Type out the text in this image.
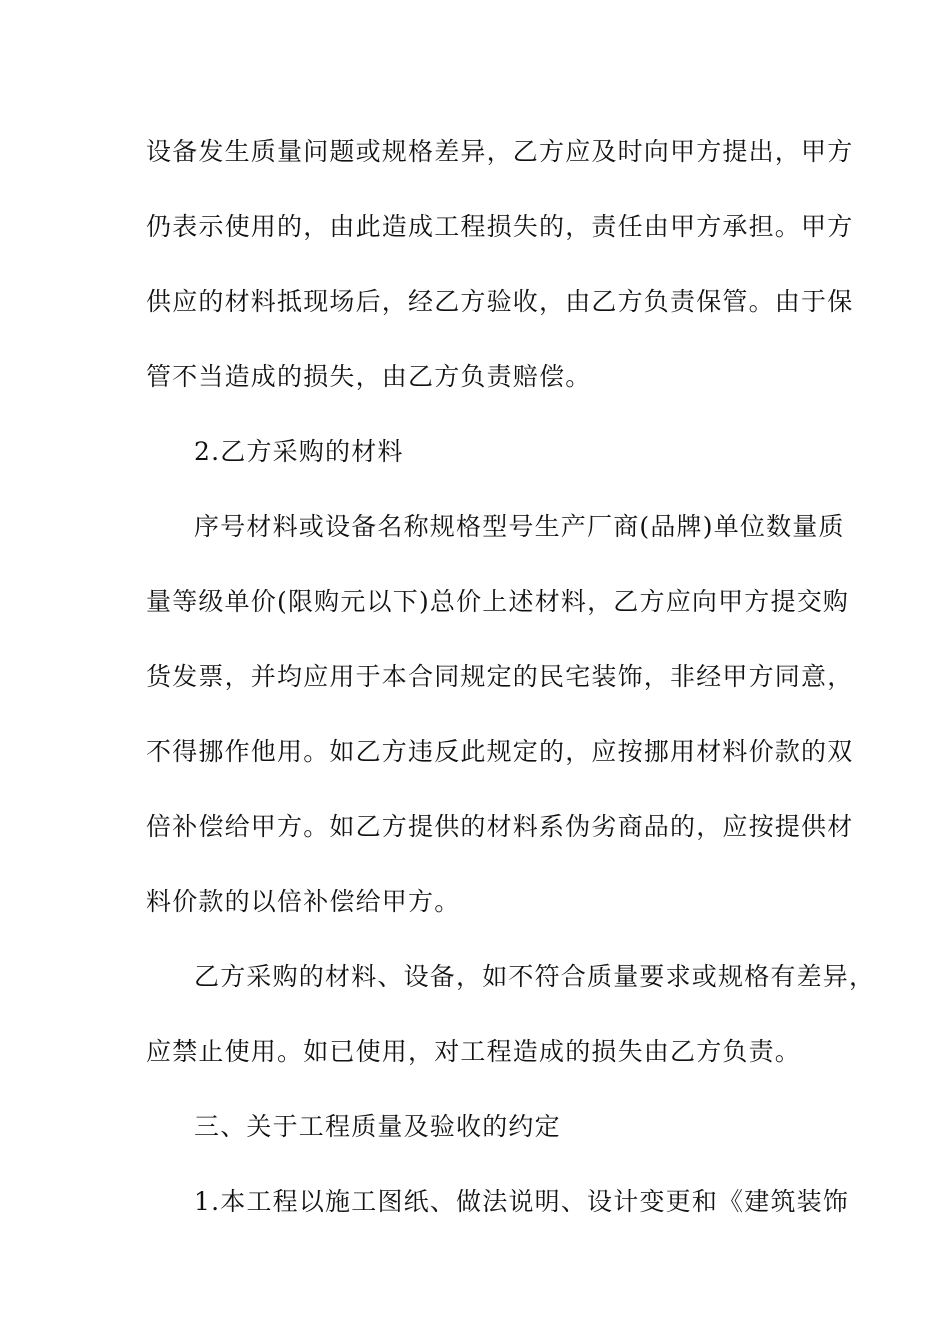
设备发生质量问题或规格差异，乙方应及时向甲方提出，甲方
仍表示使用的，由此造成工程损失的，责任由甲方承担。甲方
供应的材料抵现场后，经乙方验收，由乙方负责保管。由于保
管不当造成的损失，由乙方负责赔偿。
2.乙方采购的材料
序号材料或设备名称规格型号生产厂商(品牌)单位数量质
量等级单价(限购元以下)总价上述材料，乙方应向甲方提交购
货发票，并均应用于本合同规定的民宅装饰，非经甲方同意，
不得挪作他用。如乙方违反此规定的，应按挪用材料价款的双
倍补偿给甲方。如乙方提供的材料系伪劣商品的，应按提供材
料价款的以倍补偿给甲方。
乙方采购的材料、设备，如不符合质量要求或规格有差异，
应禁止使用。如已使用，对工程造成的损失由乙方负责。
三、关于工程质量及验收的约定
1.本工程以施工图纸、做法说明、设计变更和《建筑装饰
